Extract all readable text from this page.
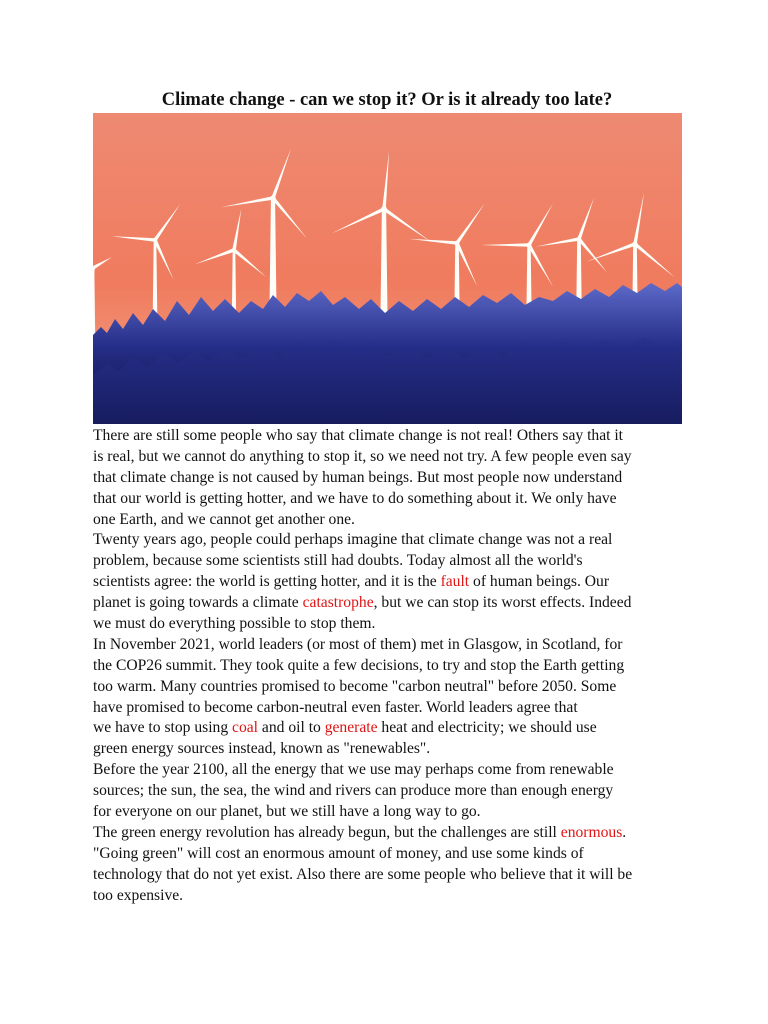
Climate change - can we stop it? Or is it already too late?
There are still some people who say that climate change is not real! Others say that it
is real, but we cannot do anything to stop it, so we need not try. A few people even say
that climate change is not caused by human beings. But most people now understand
that our world is getting hotter, and we have to do something about it. We only have
one Earth, and we cannot get another one.
Twenty years ago, people could perhaps imagine that climate change was not a real
problem, because some scientists still had doubts. Today almost all the world's
scientists agree: the world is getting hotter, and it is the fault of human beings. Our
planet is going towards a climate catastrophe, but we can stop its worst effects. Indeed
we must do everything possible to stop them.
In November 2021, world leaders (or most of them) met in Glasgow, in Scotland, for
the COP26 summit. They took quite a few decisions, to try and stop the Earth getting
too warm. Many countries promised to become "carbon neutral" before 2050. Some
have promised to become carbon-neutral even faster. World leaders agree that
we have to stop using coal and oil to generate heat and electricity; we should use
green energy sources instead, known as "renewables".
Before the year 2100, all the energy that we use may perhaps come from renewable
sources; the sun, the sea, the wind and rivers can produce more than enough energy
for everyone on our planet, but we still have a long way to go.
The green energy revolution has already begun, but the challenges are still enormous.
"Going green" will cost an enormous amount of money, and use some kinds of
technology that do not yet exist. Also there are some people who believe that it will be
too expensive.
